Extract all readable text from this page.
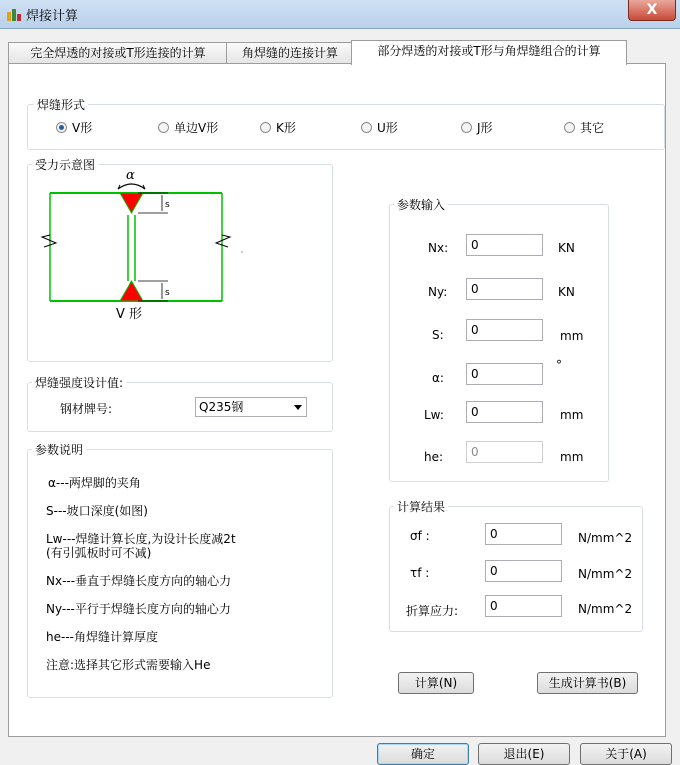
焊接计算	X
完全焊透的对接或T形连接的计算	角焊缝的连接计算	部分焊透的对接或T形与角焊缝组合的计算
焊缝形式
V形	单边V形	K形	U形	J形	其它
受力示意图
α
s
s
V 形
焊缝强度设计值:
钢材牌号:	Q235钢
参数说明
α---两焊脚的夹角
S---坡口深度(如图)
Lw---焊缝计算长度,为设计长度减2t
(有引弧板时可不减)
Nx---垂直于焊缝长度方向的轴心力
Ny---平行于焊缝长度方向的轴心力
he---角焊缝计算厚度
注意:选择其它形式需要输入He
参数输入
Nx:	0	KN
Ny:	0	KN
S:	0	mm
α:	0
°
Lw:	0	mm
he:	0	mm
计算结果
σf :	0	N/mm^2
τf :	0	N/mm^2
折算应力:	0	N/mm^2
计算(N)	生成计算书(B)
确定	退出(E)	关于(A)
